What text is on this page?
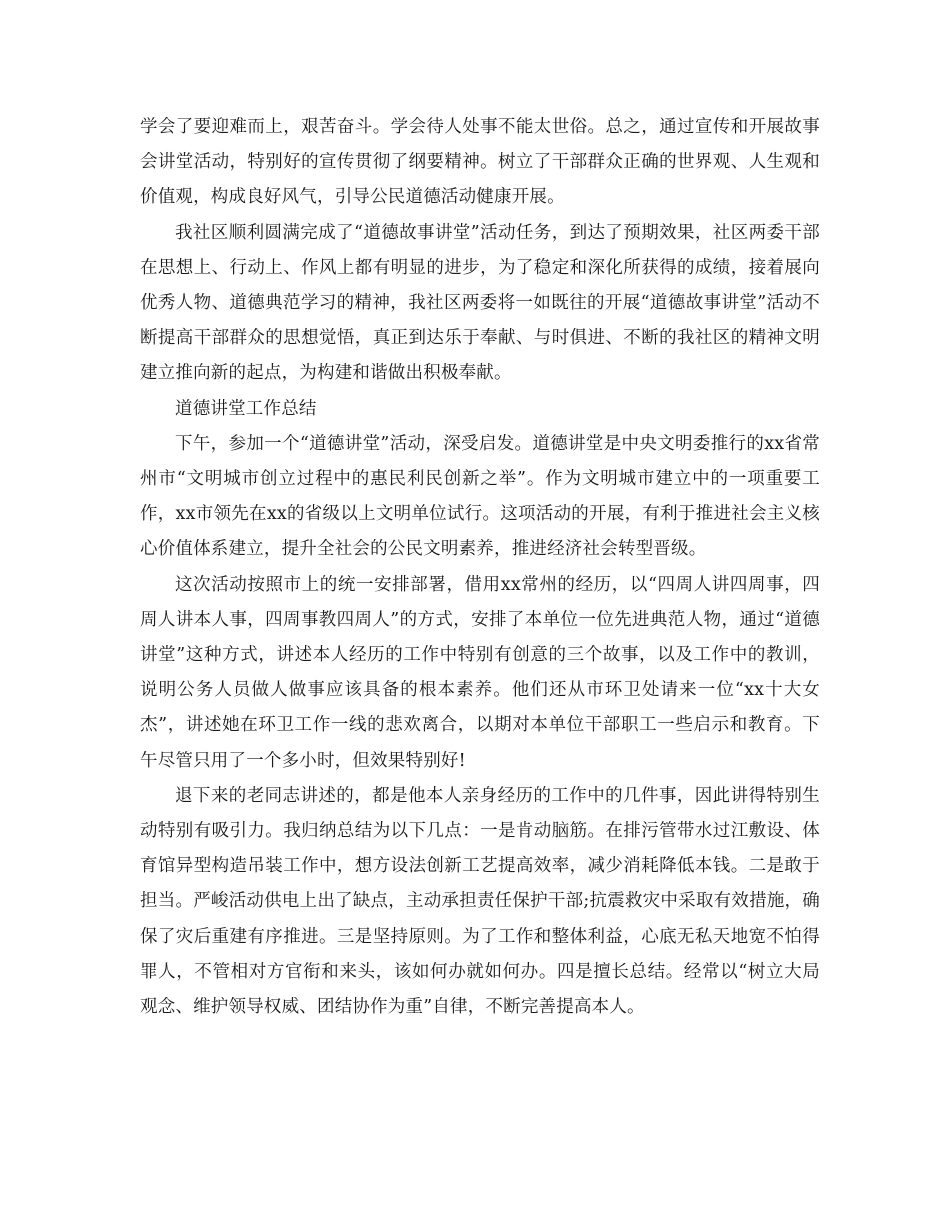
学会了要迎难而上，艰苦奋斗。学会待人处事不能太世俗。总之，通过宣传和开展故事会讲堂活动，特别好的宣传贯彻了纲要精神。树立了干部群众正确的世界观、人生观和价值观，构成良好风气，引导公民道德活动健康开展。

我社区顺利圆满完成了“道德故事讲堂”活动任务，到达了预期效果，社区两委干部在思想上、行动上、作风上都有明显的进步，为了稳定和深化所获得的成绩，接着展向优秀人物、道德典范学习的精神，我社区两委将一如既往的开展“道德故事讲堂”活动不断提高干部群众的思想觉悟，真正到达乐于奉献、与时俱进、不断的我社区的精神文明建立推向新的起点，为构建和谐做出积极奉献。

道德讲堂工作总结

下午，参加一个“道德讲堂”活动，深受启发。道德讲堂是中央文明委推行的xx省常州市“文明城市创立过程中的惠民利民创新之举”。作为文明城市建立中的一项重要工作，xx市领先在xx的省级以上文明单位试行。这项活动的开展，有利于推进社会主义核心价值体系建立，提升全社会的公民文明素养，推进经济社会转型晋级。

这次活动按照市上的统一安排部署，借用xx常州的经历，以“四周人讲四周事，四周人讲本人事，四周事教四周人”的方式，安排了本单位一位先进典范人物，通过“道德讲堂”这种方式，讲述本人经历的工作中特别有创意的三个故事，以及工作中的教训，说明公务人员做人做事应该具备的根本素养。他们还从市环卫处请来一位“xx十大女杰”，讲述她在环卫工作一线的悲欢离合，以期对本单位干部职工一些启示和教育。下午尽管只用了一个多小时，但效果特别好!

退下来的老同志讲述的，都是他本人亲身经历的工作中的几件事，因此讲得特别生动特别有吸引力。我归纳总结为以下几点：一是肯动脑筋。在排污管带水过江敷设、体育馆异型构造吊装工作中，想方设法创新工艺提高效率，减少消耗降低本钱。二是敢于担当。严峻活动供电上出了缺点，主动承担责任保护干部;抗震救灾中采取有效措施，确保了灾后重建有序推进。三是坚持原则。为了工作和整体利益，心底无私天地宽不怕得罪人，不管相对方官衔和来头，该如何办就如何办。四是擅长总结。经常以“树立大局观念、维护领导权威、团结协作为重”自律，不断完善提高本人。
